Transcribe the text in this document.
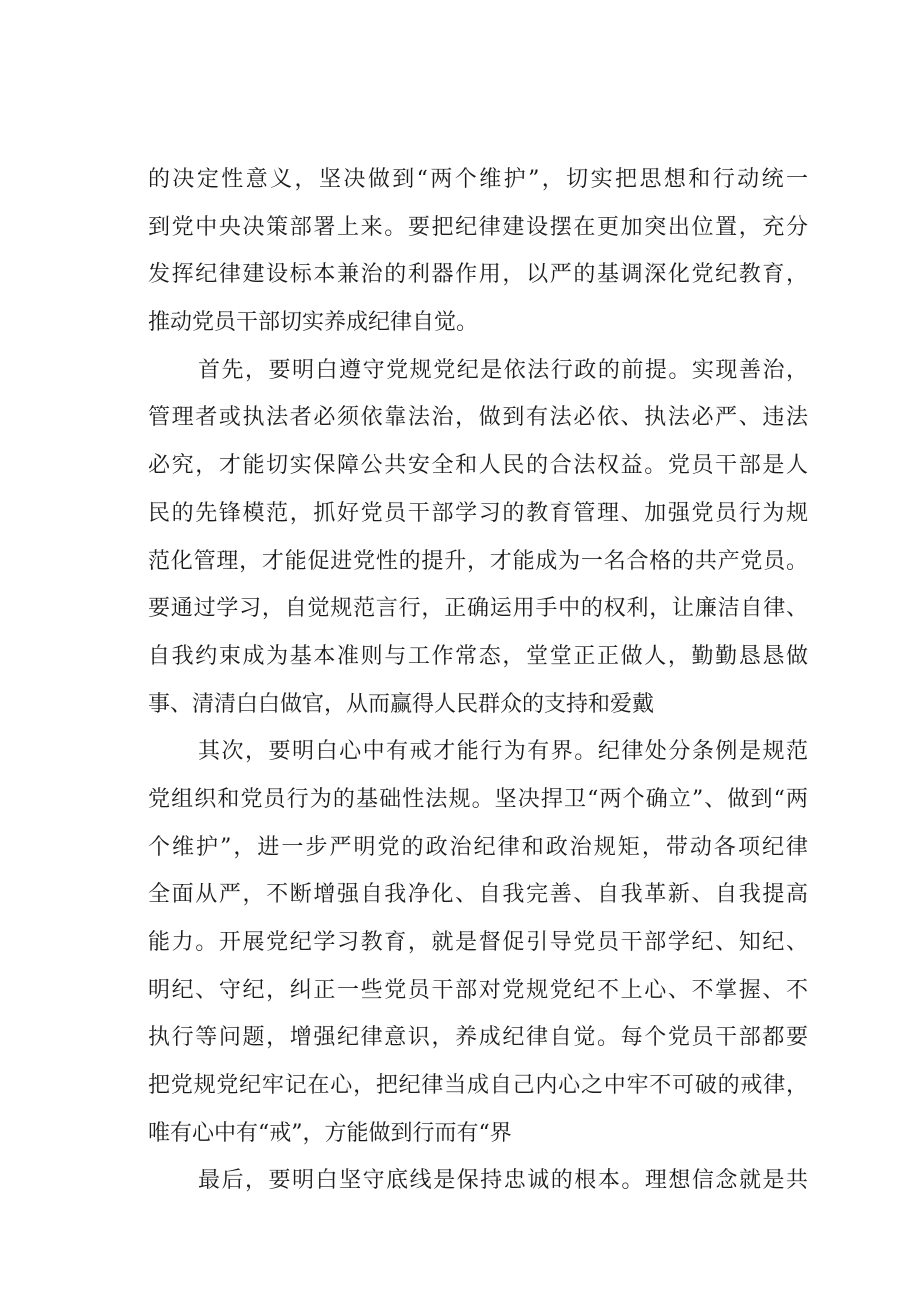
的决定性意义，坚决做到“两个维护”，切实把思想和行动统一
到党中央决策部署上来。要把纪律建设摆在更加突出位置，充分
发挥纪律建设标本兼治的利器作用，以严的基调深化党纪教育，
推动党员干部切实养成纪律自觉。
首先，要明白遵守党规党纪是依法行政的前提。实现善治，
管理者或执法者必须依靠法治，做到有法必依、执法必严、违法
必究，才能切实保障公共安全和人民的合法权益。党员干部是人
民的先锋模范，抓好党员干部学习的教育管理、加强党员行为规
范化管理，才能促进党性的提升，才能成为一名合格的共产党员。
要通过学习，自觉规范言行，正确运用手中的权利，让廉洁自律、
自我约束成为基本准则与工作常态，堂堂正正做人，勤勤恳恳做
事、清清白白做官，从而赢得人民群众的支持和爱戴
其次，要明白心中有戒才能行为有界。纪律处分条例是规范
党组织和党员行为的基础性法规。坚决捍卫“两个确立”、做到“两
个维护”，进一步严明党的政治纪律和政治规矩，带动各项纪律
全面从严，不断增强自我净化、自我完善、自我革新、自我提高
能力。开展党纪学习教育，就是督促引导党员干部学纪、知纪、
明纪、守纪，纠正一些党员干部对党规党纪不上心、不掌握、不
执行等问题，增强纪律意识，养成纪律自觉。每个党员干部都要
把党规党纪牢记在心，把纪律当成自己内心之中牢不可破的戒律，
唯有心中有“戒”，方能做到行而有“界
最后，要明白坚守底线是保持忠诚的根本。理想信念就是共
